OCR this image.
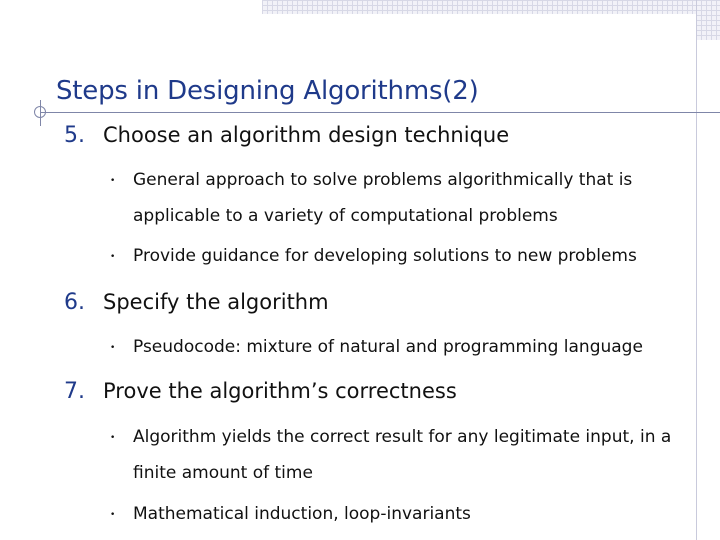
Steps in Designing Algorithms(2)
5. Choose an algorithm design technique
• General approach to solve problems algorithmically that is
applicable to a variety of computational problems
• Provide guidance for developing solutions to new problems
6. Specify the algorithm
• Pseudocode: mixture of natural and programming language
7. Prove the algorithm’s correctness
• Algorithm yields the correct result for any legitimate input, in a
finite amount of time
• Mathematical induction, loop-invariants
